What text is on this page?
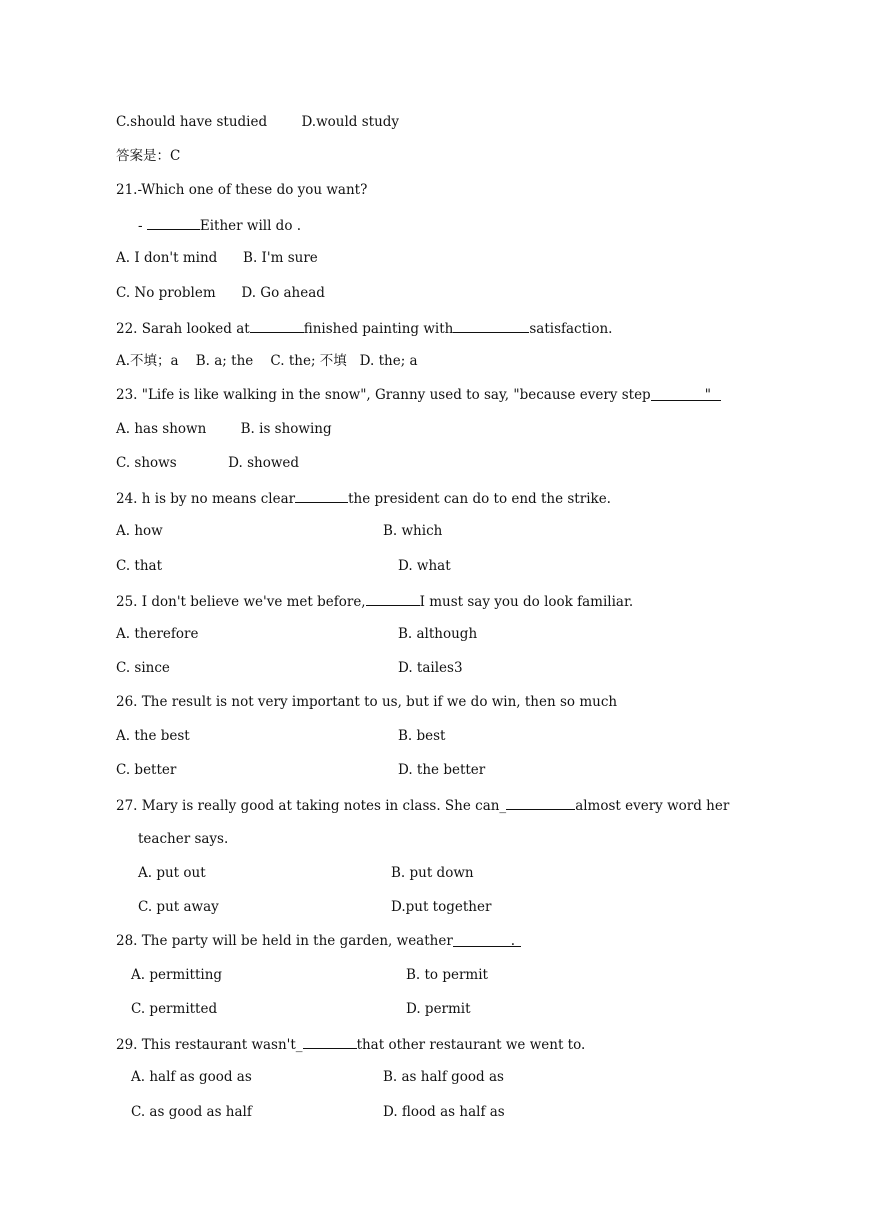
C.should have studied        D.would study
答案是：C
21.-Which one of these do you want?
-	Either will do .
A. I don't mind      B. I'm sure
C. No problem      D. Go ahead
22. Sarah looked at	finished painting with	satisfaction.
A.不填；a    B. a; the    C. the; 不填   D. the; a
23. "Life is like walking in the snow", Granny used to say, "because every step	"
A. has shown        B. is showing
C. shows            D. showed
24. h is by no means clear	the president can do to end the strike.
A. how	B. which
C. that	D. what
25. I don't believe we've met before,	I must say you do look familiar.
A. therefore	B. although
C. since	D. tailes3
26. The result is not very important to us, but if we do win, then so much
A. the best	B. best
C. better	D. the better
27. Mary is really good at taking notes in class. She can_	almost every word her
teacher says.
A. put out	B. put down
C. put away	D.put together
28. The party will be held in the garden, weather	.
A. permitting	B. to permit
C. permitted	D. permit
29. This restaurant wasn't_	that other restaurant we went to.
A. half as good as	B. as half good as
C. as good as half	D. flood as half as
